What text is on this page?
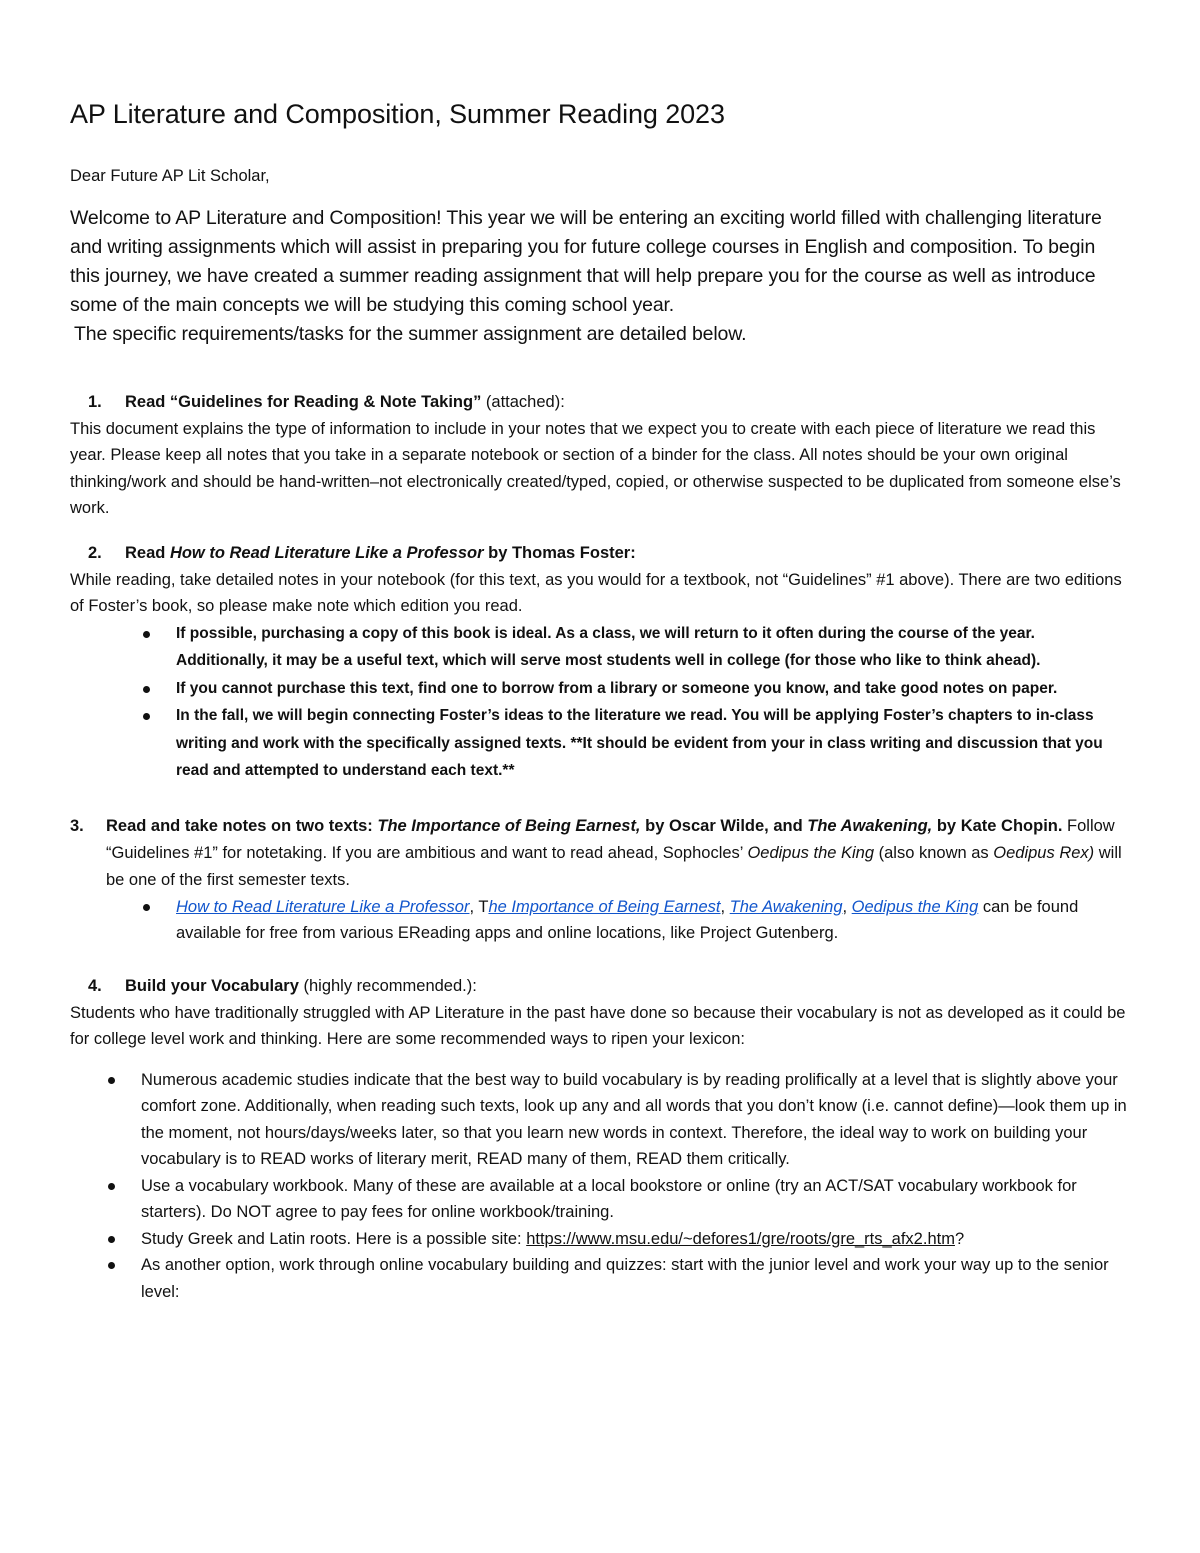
AP Literature and Composition, Summer Reading 2023

Dear Future AP Lit Scholar,

Welcome to AP Literature and Composition! This year we will be entering an exciting world filled with challenging literature and writing assignments which will assist in preparing you for future college courses in English and composition. To begin this journey, we have created a summer reading assignment that will help prepare you for the course as well as introduce some of the main concepts we will be studying this coming school year.

The specific requirements/tasks for the summer assignment are detailed below.

1.	Read “Guidelines for Reading & Note Taking” (attached):

This document explains the type of information to include in your notes that we expect you to create with each piece of literature we read this year. Please keep all notes that you take in a separate notebook or section of a binder for the class. All notes should be your own original thinking/work and should be hand-written–not electronically created/typed, copied, or otherwise suspected to be duplicated from someone else’s work.

2.	Read How to Read Literature Like a Professor by Thomas Foster:

While reading, take detailed notes in your notebook (for this text, as you would for a textbook, not “Guidelines” #1 above). There are two editions of Foster’s book, so please make note which edition you read.

If possible, purchasing a copy of this book is ideal. As a class, we will return to it often during the course of the year. Additionally, it may be a useful text, which will serve most students well in college (for those who like to think ahead).
If you cannot purchase this text, find one to borrow from a library or someone you know, and take good notes on paper.
In the fall, we will begin connecting Foster’s ideas to the literature we read. You will be applying Foster’s chapters to in-class writing and work with the specifically assigned texts. **It should be evident from your in class writing and discussion that you read and attempted to understand each text.**
3.	Read and take notes on two texts: The Importance of Being Earnest, by Oscar Wilde, and The Awakening, by Kate Chopin. Follow “Guidelines #1” for notetaking. If you are ambitious and want to read ahead, Sophocles’ Oedipus the King (also known as Oedipus Rex) will be one of the first semester texts.
How to Read Literature Like a Professor, The Importance of Being Earnest, The Awakening, Oedipus the King can be found available for free from various EReading apps and online locations, like Project Gutenberg.
4.	Build your Vocabulary (highly recommended.):

Students who have traditionally struggled with AP Literature in the past have done so because their vocabulary is not as developed as it could be for college level work and thinking. Here are some recommended ways to ripen your lexicon:

Numerous academic studies indicate that the best way to build vocabulary is by reading prolifically at a level that is slightly above your comfort zone. Additionally, when reading such texts, look up any and all words that you don’t know (i.e. cannot define)—look them up in the moment, not hours/days/weeks later, so that you learn new words in context. Therefore, the ideal way to work on building your vocabulary is to READ works of literary merit, READ many of them, READ them critically.
Use a vocabulary workbook. Many of these are available at a local bookstore or online (try an ACT/SAT vocabulary workbook for starters). Do NOT agree to pay fees for online workbook/training.
Study Greek and Latin roots. Here is a possible site: https://www.msu.edu/~defores1/gre/roots/gre_rts_afx2.htm?
As another option, work through online vocabulary building and quizzes: start with the junior level and work your way up to the senior level:
